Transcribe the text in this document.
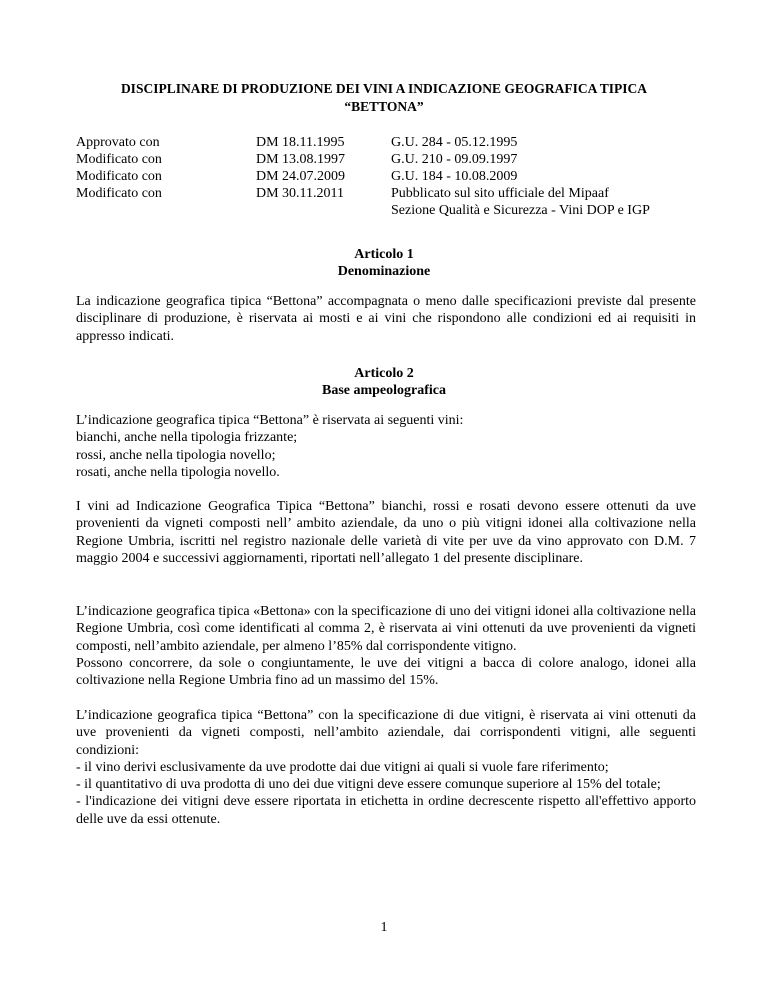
DISCIPLINARE DI PRODUZIONE DEI VINI A INDICAZIONE GEOGRAFICA TIPICA
“BETTONA”
Approvato con	DM 18.11.1995	G.U. 284 - 05.12.1995
Modificato con	DM 13.08.1997	G.U. 210 - 09.09.1997
Modificato con	DM 24.07.2009	G.U. 184 - 10.08.2009
Modificato con	DM 30.11.2011	Pubblicato sul sito ufficiale del Mipaaf
Sezione Qualità e Sicurezza - Vini DOP e IGP
Articolo 1
Denominazione

La indicazione geografica tipica “Bettona” accompagnata o meno dalle specificazioni previste dal presente disciplinare di produzione, è riservata ai mosti e ai vini che rispondono alle condizioni ed ai requisiti in appresso indicati.

Articolo 2
Base ampeolografica

L’indicazione geografica tipica “Bettona” è riservata ai seguenti vini:

bianchi, anche nella tipologia frizzante;

rossi, anche nella tipologia novello;

rosati, anche nella tipologia novello.

I vini ad Indicazione Geografica Tipica “Bettona” bianchi, rossi e rosati devono essere ottenuti da uve provenienti da vigneti composti nell’ ambito aziendale, da uno o più vitigni idonei alla coltivazione nella Regione Umbria, iscritti nel registro nazionale delle varietà di vite per uve da vino approvato con D.M. 7 maggio 2004 e successivi aggiornamenti, riportati nell’allegato 1 del presente disciplinare.

L’indicazione geografica tipica «Bettona» con la specificazione di uno dei vitigni idonei alla coltivazione nella Regione Umbria, così come identificati al comma 2, è riservata ai vini ottenuti da uve provenienti da vigneti composti, nell’ambito aziendale, per almeno l’85% dal corrispondente vitigno.

Possono concorrere, da sole o congiuntamente, le uve dei vitigni a bacca di colore analogo, idonei alla coltivazione nella Regione Umbria fino ad un massimo del 15%.

L’indicazione geografica tipica “Bettona” con la specificazione di due vitigni, è riservata ai vini ottenuti da uve provenienti da vigneti composti, nell’ambito aziendale, dai corrispondenti vitigni, alle seguenti condizioni:

- il vino derivi esclusivamente da uve prodotte dai due vitigni ai quali si vuole fare riferimento;

- il quantitativo di uva prodotta di uno dei due vitigni deve essere comunque superiore al 15% del totale;

- l'indicazione dei vitigni deve essere riportata in etichetta in ordine decrescente rispetto all'effettivo apporto delle uve da essi ottenute.

1
